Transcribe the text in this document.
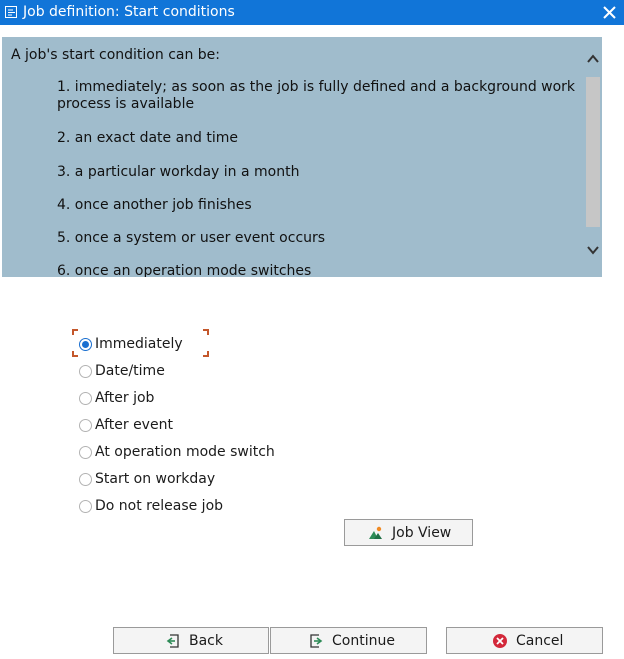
Job definition: Start conditions
A job's start condition can be:
1. immediately; as soon as the job is fully defined and a background work process is available
2. an exact date and time
3. a particular workday in a month
4. once another job finishes
5. once a system or user event occurs
6. once an operation mode switches
Immediately
Date/time
After job
After event
At operation mode switch
Start on workday
Do not release job
Job View
Back	Continue	Cancel
